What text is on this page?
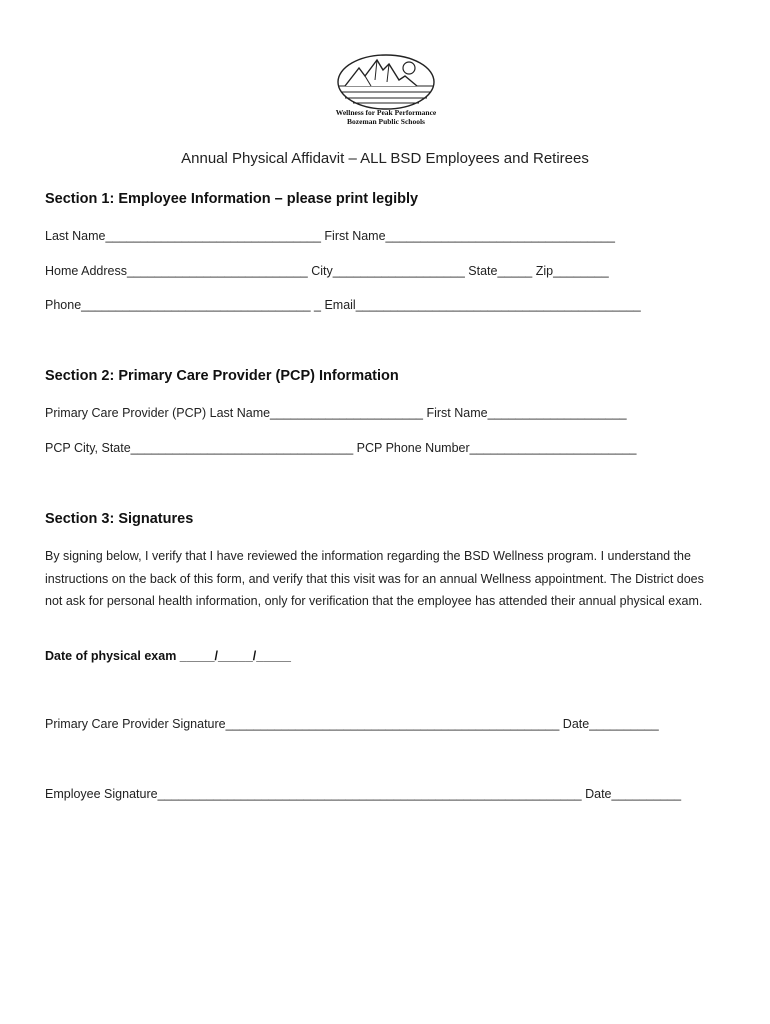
Wellness for Peak Performance
Bozeman Public Schools
Annual Physical Affidavit – ALL BSD Employees and Retirees
Section 1: Employee Information – please print legibly
Last Name_______________________________ First Name_________________________________
Home Address__________________________ City___________________ State_____ Zip________
Phone_________________________________ _ Email_________________________________________
Section 2: Primary Care Provider (PCP) Information
Primary Care Provider (PCP) Last Name______________________ First Name____________________
PCP City, State________________________________ PCP Phone Number________________________
Section 3: Signatures

By signing below, I verify that I have reviewed the information regarding the BSD Wellness program. I understand the instructions on the back of this form, and verify that this visit was for an annual Wellness appointment. The District does not ask for personal health information, only for verification that the employee has attended their annual physical exam.

Date of physical exam _____/_____/_____
Primary Care Provider Signature________________________________________________ Date__________
Employee Signature_____________________________________________________________ Date__________
